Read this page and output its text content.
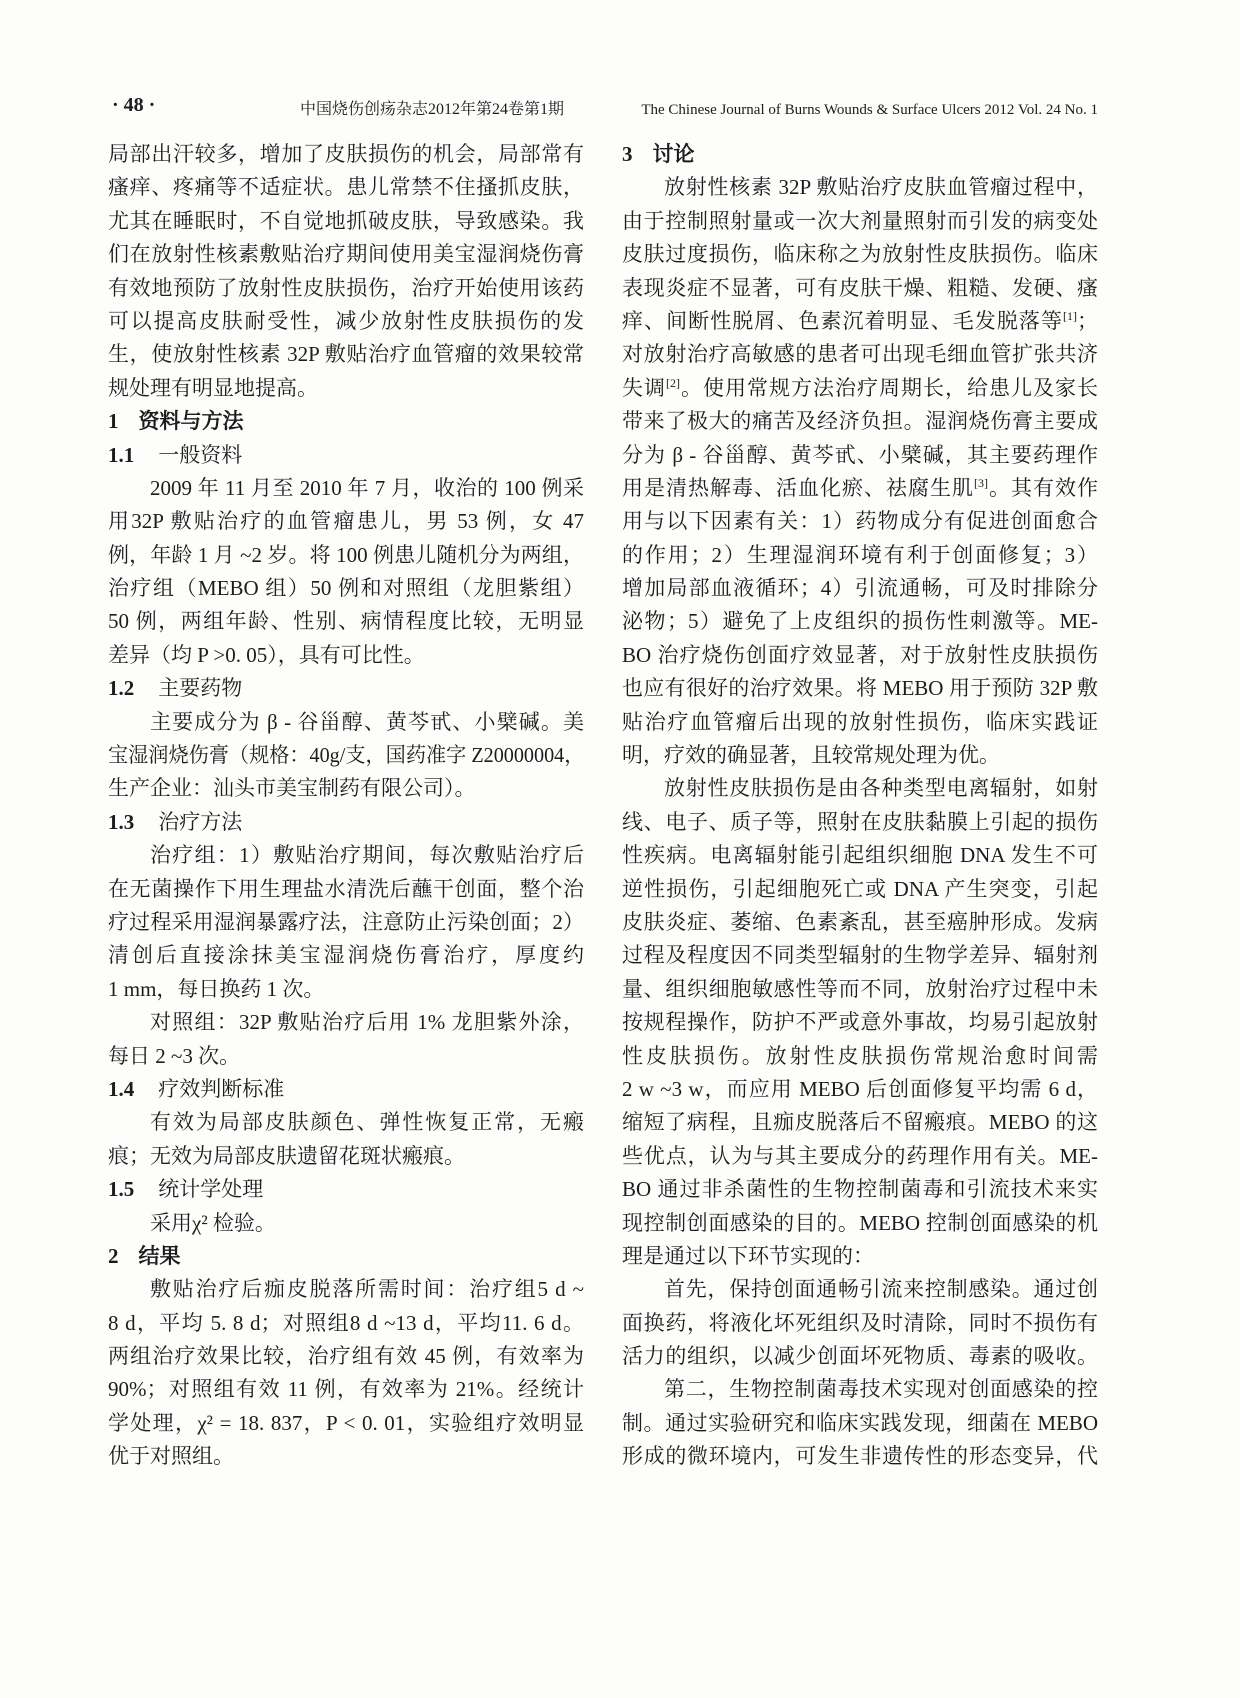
· 48 ·	中国烧伤创疡杂志2012年第24卷第1期	The Chinese Journal of Burns Wounds & Surface Ulcers 2012 Vol. 24 No. 1
局部出汗较多，增加了皮肤损伤的机会，局部常有
瘙痒、疼痛等不适症状。患儿常禁不住搔抓皮肤，
尤其在睡眠时，不自觉地抓破皮肤，导致感染。我
们在放射性核素敷贴治疗期间使用美宝湿润烧伤膏
有效地预防了放射性皮肤损伤，治疗开始使用该药
可以提高皮肤耐受性，减少放射性皮肤损伤的发
生，使放射性核素 32P 敷贴治疗血管瘤的效果较常
规处理有明显地提高。
1 资料与方法
1.1 一般资料
2009 年 11 月至 2010 年 7 月，收治的 100 例采
用32P 敷贴治疗的血管瘤患儿，男 53 例，女 47
例，年龄 1 月 ~2 岁。将 100 例患儿随机分为两组，
治疗组（MEBO 组）50 例和对照组（龙胆紫组）
50 例，两组年龄、性别、病情程度比较，无明显
差异（均 P >0. 05），具有可比性。
1.2 主要药物
主要成分为 β - 谷甾醇、黄芩甙、小檗碱。美
宝湿润烧伤膏（规格：40g/支，国药准字 Z20000004，
生产企业：汕头市美宝制药有限公司）。
1.3 治疗方法
治疗组：1）敷贴治疗期间，每次敷贴治疗后
在无菌操作下用生理盐水清洗后蘸干创面，整个治
疗过程采用湿润暴露疗法，注意防止污染创面；2）
清创后直接涂抹美宝湿润烧伤膏治疗，厚度约
1 mm，每日换药 1 次。
对照组：32P 敷贴治疗后用 1% 龙胆紫外涂，
每日 2 ~3 次。
1.4 疗效判断标准
有效为局部皮肤颜色、弹性恢复正常，无瘢
痕；无效为局部皮肤遗留花斑状瘢痕。
1.5 统计学处理
采用χ² 检验。
2 结果
敷贴治疗后痂皮脱落所需时间：治疗组5 d ~
8 d，平均 5. 8 d；对照组8 d ~13 d，平均11. 6 d。
两组治疗效果比较，治疗组有效 45 例，有效率为
90%；对照组有效 11 例，有效率为 21%。经统计
学处理，χ² = 18. 837，P < 0. 01，实验组疗效明显
优于对照组。
3 讨论
放射性核素 32P 敷贴治疗皮肤血管瘤过程中，
由于控制照射量或一次大剂量照射而引发的病变处
皮肤过度损伤，临床称之为放射性皮肤损伤。临床
表现炎症不显著，可有皮肤干燥、粗糙、发硬、瘙
痒、间断性脱屑、色素沉着明显、毛发脱落等[1]；
对放射治疗高敏感的患者可出现毛细血管扩张共济
失调[2]。使用常规方法治疗周期长，给患儿及家长
带来了极大的痛苦及经济负担。湿润烧伤膏主要成
分为 β - 谷甾醇、黄芩甙、小檗碱，其主要药理作
用是清热解毒、活血化瘀、祛腐生肌[3]。其有效作
用与以下因素有关：1）药物成分有促进创面愈合
的作用；2）生理湿润环境有利于创面修复；3）
增加局部血液循环；4）引流通畅，可及时排除分
泌物；5）避免了上皮组织的损伤性刺激等。ME-
BO 治疗烧伤创面疗效显著，对于放射性皮肤损伤
也应有很好的治疗效果。将 MEBO 用于预防 32P 敷
贴治疗血管瘤后出现的放射性损伤，临床实践证
明，疗效的确显著，且较常规处理为优。
放射性皮肤损伤是由各种类型电离辐射，如射
线、电子、质子等，照射在皮肤黏膜上引起的损伤
性疾病。电离辐射能引起组织细胞 DNA 发生不可
逆性损伤，引起细胞死亡或 DNA 产生突变，引起
皮肤炎症、萎缩、色素紊乱，甚至癌肿形成。发病
过程及程度因不同类型辐射的生物学差异、辐射剂
量、组织细胞敏感性等而不同，放射治疗过程中未
按规程操作，防护不严或意外事故，均易引起放射
性皮肤损伤。放射性皮肤损伤常规治愈时间需
2 w ~3 w，而应用 MEBO 后创面修复平均需 6 d，
缩短了病程，且痂皮脱落后不留瘢痕。MEBO 的这
些优点，认为与其主要成分的药理作用有关。ME-
BO 通过非杀菌性的生物控制菌毒和引流技术来实
现控制创面感染的目的。MEBO 控制创面感染的机
理是通过以下环节实现的：
首先，保持创面通畅引流来控制感染。通过创
面换药，将液化坏死组织及时清除，同时不损伤有
活力的组织，以减少创面坏死物质、毒素的吸收。
第二，生物控制菌毒技术实现对创面感染的控
制。通过实验研究和临床实践发现，细菌在 MEBO
形成的微环境内，可发生非遗传性的形态变异，代
